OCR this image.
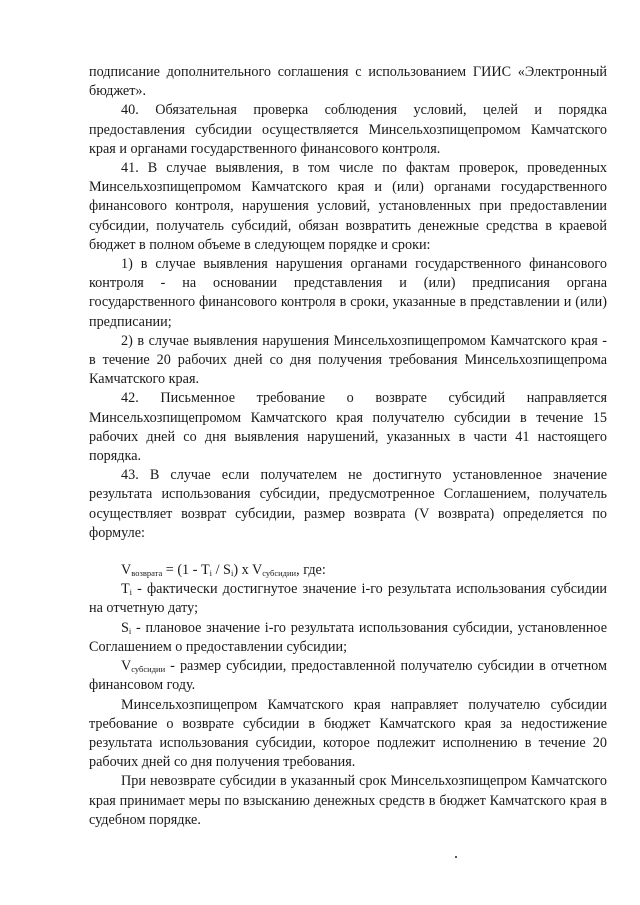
подписание дополнительного соглашения с использованием ГИИС «Электронный бюджет».

40. Обязательная проверка соблюдения условий, целей и порядка предоставления субсидии осуществляется Минсельхозпищепромом Камчатского края и органами государственного финансового контроля.

41. В случае выявления, в том числе по фактам проверок, проведенных Минсельхозпищепромом Камчатского края и (или) органами государственного финансового контроля, нарушения условий, установленных при предоставлении субсидии, получатель субсидий, обязан возвратить денежные средства в краевой бюджет в полном объеме в следующем порядке и сроки:

1) в случае выявления нарушения органами государственного финансового контроля - на основании представления и (или) предписания органа государственного финансового контроля в сроки, указанные в представлении и (или) предписании;

2) в случае выявления нарушения Минсельхозпищепромом Камчатского края - в течение 20 рабочих дней со дня получения требования Минсельхозпищепрома Камчатского края.

42. Письменное требование о возврате субсидий направляется Минсельхозпищепромом Камчатского края получателю субсидии в течение 15 рабочих дней со дня выявления нарушений, указанных в части 41 настоящего порядка.

43. В случае если получателем не достигнуто установленное значение результата использования субсидии, предусмотренное Соглашением, получатель осуществляет возврат субсидии, размер возврата (V возврата) определяется по формуле:

$V_{возврата} = (1 - T_i / S_i)$ x $V_{субсидии}$, где:

$T_i$ - фактически достигнутое значение i-го результата использования субсидии на отчетную дату;

$S_i$ - плановое значение i-го результата использования субсидии, установленное Соглашением о предоставлении субсидии;

$V_{субсидии}$ - размер субсидии, предоставленной получателю субсидии в отчетном финансовом году.

Минсельхозпищепром Камчатского края направляет получателю субсидии требование о возврате субсидии в бюджет Камчатского края за недостижение результата использования субсидии, которое подлежит исполнению в течение 20 рабочих дней со дня получения требования.

При невозврате субсидии в указанный срок Минсельхозпищепром Камчатского края принимает меры по взысканию денежных средств в бюджет Камчатского края в судебном порядке.
